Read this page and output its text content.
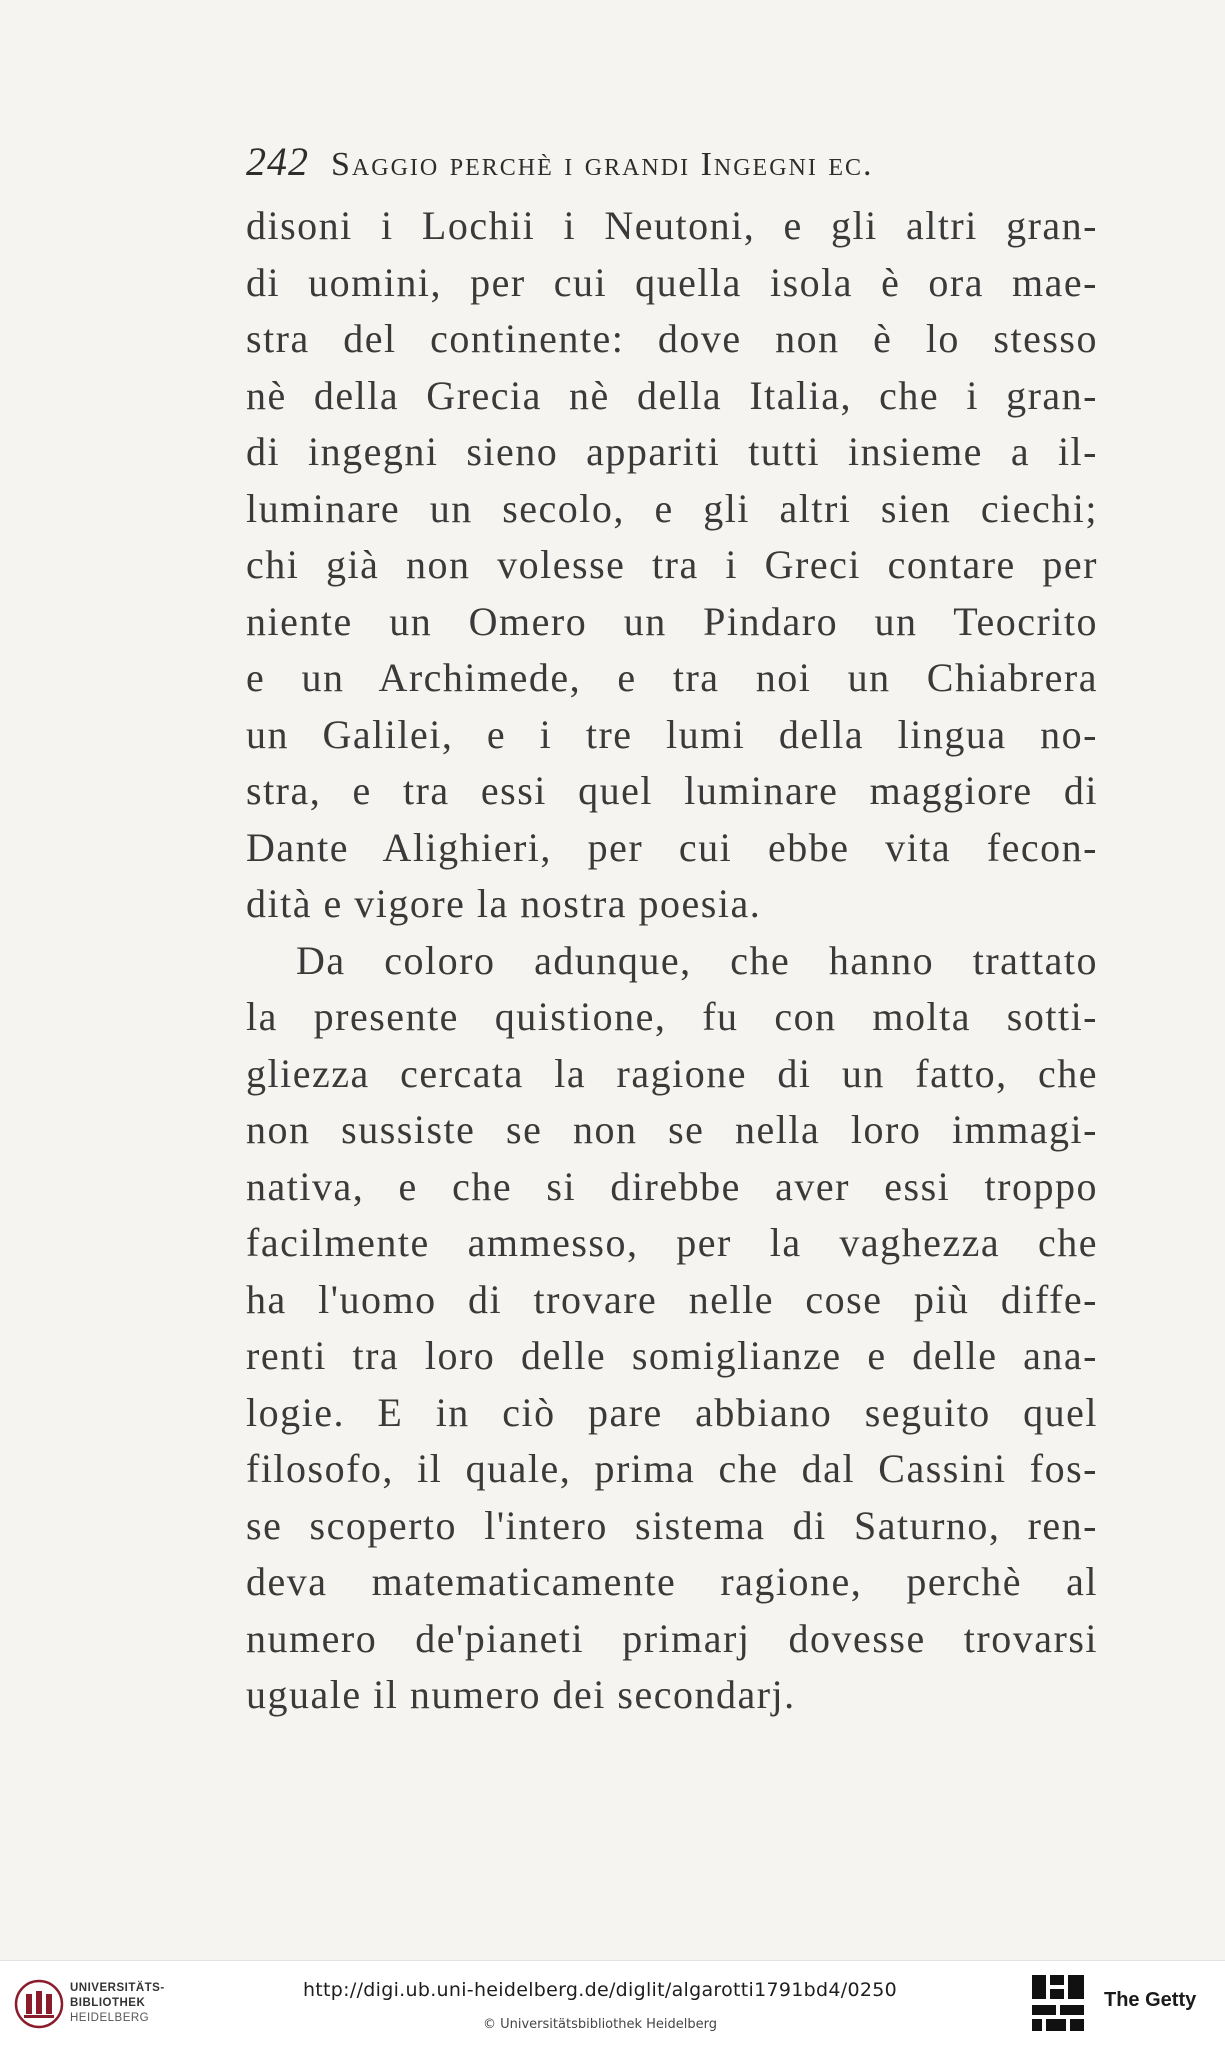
242 Saggio perchè i grandi Ingegni ec.
disoni i Lochii i Neutoni, e gli altri gran-
di uomini, per cui quella isola è ora mae-
stra del continente: dove non è lo stesso
nè della Grecia nè della Italia, che i gran-
di ingegni sieno appariti tutti insieme a il-
luminare un secolo, e gli altri sien ciechi;
chi già non volesse tra i Greci contare per
niente un Omero un Pindaro un Teocrito
e un Archimede, e tra noi un Chiabrera
un Galilei, e i tre lumi della lingua no-
stra, e tra essi quel luminare maggiore di
Dante Alighieri, per cui ebbe vita fecon-
dità e vigore la nostra poesia.
Da coloro adunque, che hanno trattato
la presente quistione, fu con molta sotti-
gliezza cercata la ragione di un fatto, che
non sussiste se non se nella loro immagi-
nativa, e che si direbbe aver essi troppo
facilmente ammesso, per la vaghezza che
ha l'uomo di trovare nelle cose più diffe-
renti tra loro delle somiglianze e delle ana-
logie. E in ciò pare abbiano seguito quel
filosofo, il quale, prima che dal Cassini fos-
se scoperto l'intero sistema di Saturno, ren-
deva matematicamente ragione, perchè al
numero de'pianeti primarj dovesse trovarsi
uguale il numero dei secondarj.
UNIVERSITÄTS-
BIBLIOTHEK
HEIDELBERG
http://digi.ub.uni-heidelberg.de/diglit/algarotti1791bd4/0250
© Universitätsbibliothek Heidelberg
The Getty
